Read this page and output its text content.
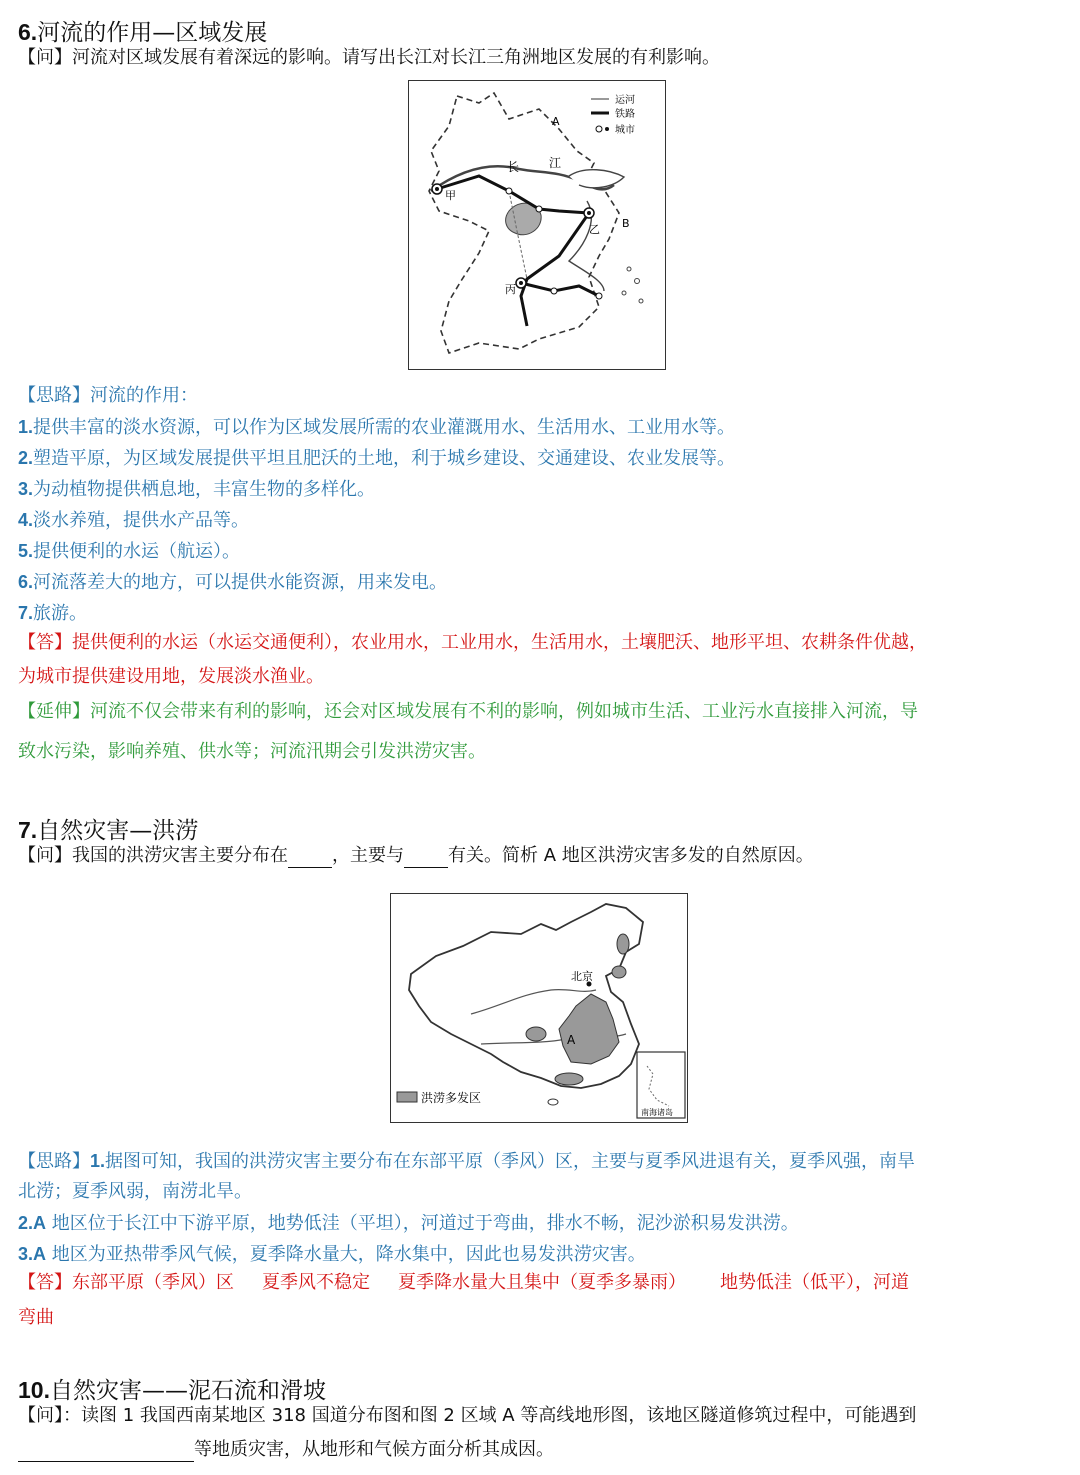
6.河流的作用—区域发展
【问】河流对区域发展有着深远的影响。请写出长江对长江三角洲地区发展的有利影响。
运河
铁路
城市
A
B
长 江
甲
乙
丙
【思路】河流的作用：
1.提供丰富的淡水资源，可以作为区域发展所需的农业灌溉用水、生活用水、工业用水等。
2.塑造平原，为区域发展提供平坦且肥沃的土地，利于城乡建设、交通建设、农业发展等。
3.为动植物提供栖息地，丰富生物的多样化。
4.淡水养殖，提供水产品等。
5.提供便利的水运（航运）。
6.河流落差大的地方，可以提供水能资源，用来发电。
7.旅游。
【答】提供便利的水运（水运交通便利），农业用水，工业用水，生活用水，土壤肥沃、地形平坦、农耕条件优越，
为城市提供建设用地，发展淡水渔业。
【延伸】河流不仅会带来有利的影响，还会对区域发展有不利的影响，例如城市生活、工业污水直接排入河流，导
致水污染，影响养殖、供水等；河流汛期会引发洪涝灾害。
7.自然灾害—洪涝
【问】我国的洪涝灾害主要分布在 ，主要与 有关。简析 A 地区洪涝灾害多发的自然原因。
北京
A
南海诸岛
洪涝多发区
【思路】1.据图可知，我国的洪涝灾害主要分布在东部平原（季风）区，主要与夏季风进退有关，夏季风强，南旱
北涝；夏季风弱，南涝北旱。
2.A 地区位于长江中下游平原，地势低洼（平坦），河道过于弯曲，排水不畅，泥沙淤积易发洪涝。
3.A 地区为亚热带季风气候，夏季降水量大，降水集中，因此也易发洪涝灾害。
【答】东部平原（季风）区 夏季风不稳定 夏季降水量大且集中（夏季多暴雨） 地势低洼（低平），河道
弯曲
10.自然灾害——泥石流和滑坡
【问】：读图 1 我国西南某地区 318 国道分布图和图 2 区域 A 等高线地形图，该地区隧道修筑过程中，可能遇到
等地质灾害，从地形和气候方面分析其成因。
